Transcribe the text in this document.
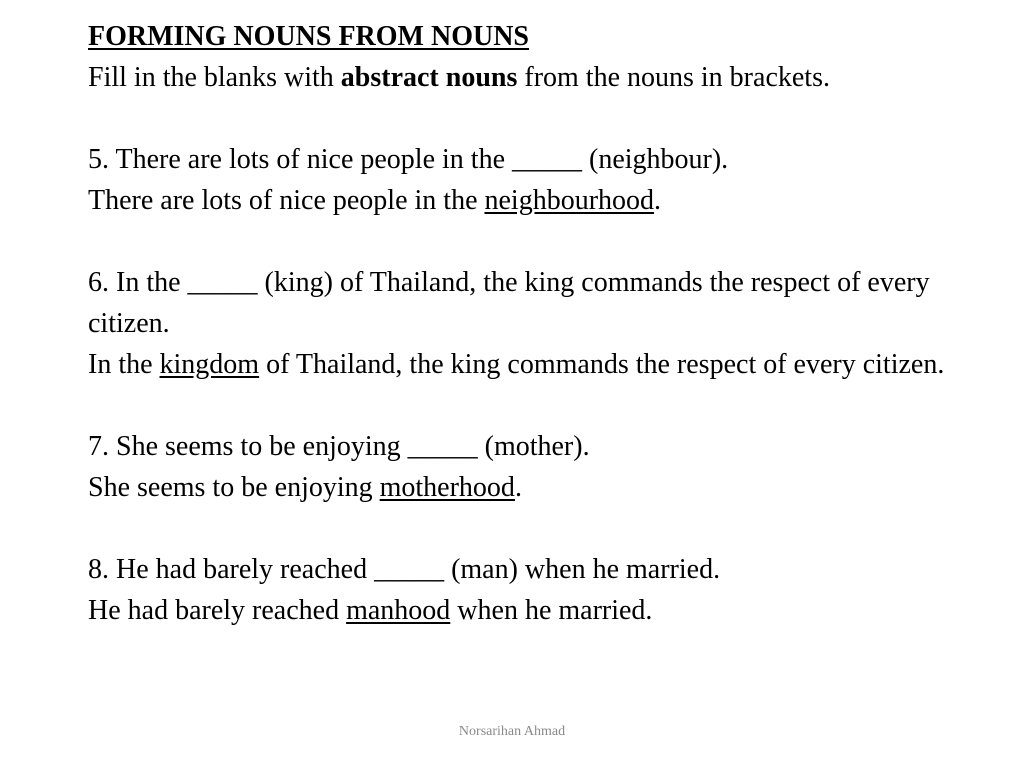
FORMING NOUNS FROM NOUNS

Fill in the blanks with abstract nouns from the nouns in brackets.

5. There are lots of nice people in the _____ (neighbour).

There are lots of nice people in the neighbourhood.

6. In the _____ (king) of Thailand, the king commands the respect of every citizen.

In the kingdom of Thailand, the king commands the respect of every citizen.

7. She seems to be enjoying _____ (mother).

She seems to be enjoying motherhood.

8. He had barely reached _____ (man) when he married.

He had barely reached manhood when he married.

Norsarihan Ahmad
